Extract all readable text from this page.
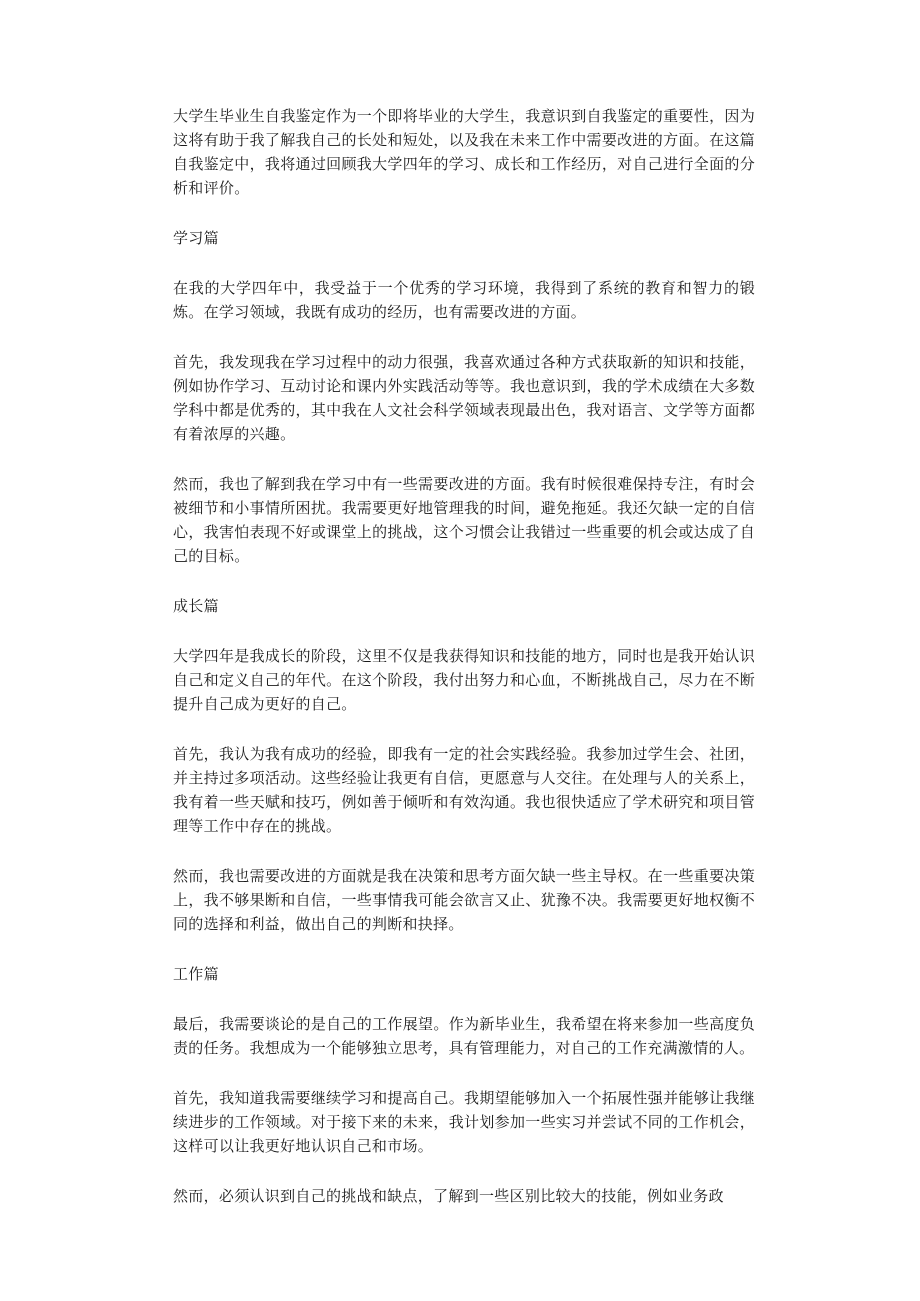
大学生毕业生自我鉴定作为一个即将毕业的大学生，我意识到自我鉴定的重要性，因为这将有助于我了解我自己的长处和短处，以及我在未来工作中需要改进的方面。在这篇自我鉴定中，我将通过回顾我大学四年的学习、成长和工作经历，对自己进行全面的分析和评价。

学习篇

在我的大学四年中，我受益于一个优秀的学习环境，我得到了系统的教育和智力的锻炼。在学习领域，我既有成功的经历，也有需要改进的方面。

首先，我发现我在学习过程中的动力很强，我喜欢通过各种方式获取新的知识和技能，例如协作学习、互动讨论和课内外实践活动等等。我也意识到，我的学术成绩在大多数学科中都是优秀的，其中我在人文社会科学领域表现最出色，我对语言、文学等方面都有着浓厚的兴趣。

然而，我也了解到我在学习中有一些需要改进的方面。我有时候很难保持专注，有时会被细节和小事情所困扰。我需要更好地管理我的时间，避免拖延。我还欠缺一定的自信心，我害怕表现不好或课堂上的挑战，这个习惯会让我错过一些重要的机会或达成了自己的目标。

成长篇

大学四年是我成长的阶段，这里不仅是我获得知识和技能的地方，同时也是我开始认识自己和定义自己的年代。在这个阶段，我付出努力和心血，不断挑战自己，尽力在不断提升自己成为更好的自己。

首先，我认为我有成功的经验，即我有一定的社会实践经验。我参加过学生会、社团，并主持过多项活动。这些经验让我更有自信，更愿意与人交往。在处理与人的关系上，我有着一些天赋和技巧，例如善于倾听和有效沟通。我也很快适应了学术研究和项目管理等工作中存在的挑战。

然而，我也需要改进的方面就是我在决策和思考方面欠缺一些主导权。在一些重要决策上，我不够果断和自信，一些事情我可能会欲言又止、犹豫不决。我需要更好地权衡不同的选择和利益，做出自己的判断和抉择。

工作篇

最后，我需要谈论的是自己的工作展望。作为新毕业生，我希望在将来参加一些高度负责的任务。我想成为一个能够独立思考，具有管理能力，对自己的工作充满激情的人。

首先，我知道我需要继续学习和提高自己。我期望能够加入一个拓展性强并能够让我继续进步的工作领域。对于接下来的未来，我计划参加一些实习并尝试不同的工作机会，这样可以让我更好地认识自己和市场。

然而，必须认识到自己的挑战和缺点，了解到一些区别比较大的技能，例如业务政
